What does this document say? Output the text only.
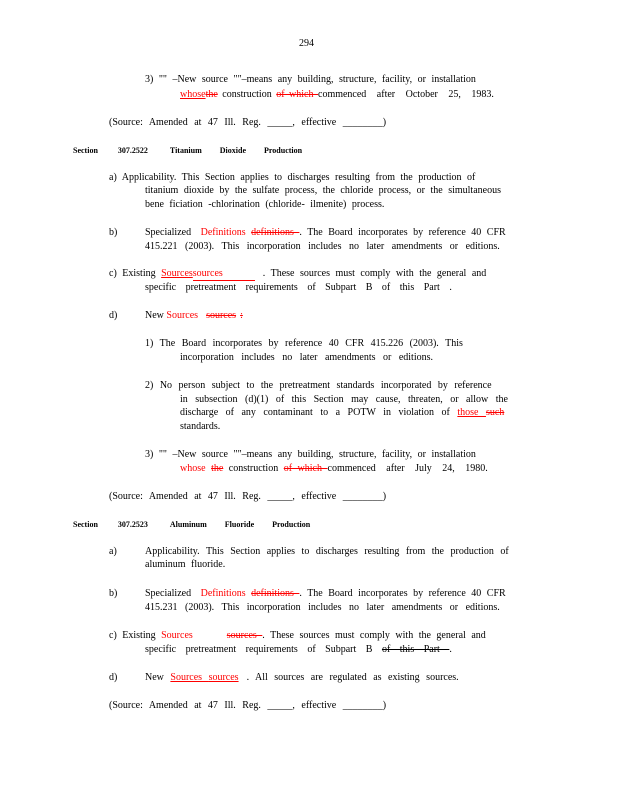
294
3) "" –New source ""–means any building, structure, facility, or installation
whosethe construction of which commenced after October 25, 1983.
(Source: Amended at 47 Ill. Reg. _____, effective ________)
Section	307.2522	Titanium Dioxide Production
a) Applicability. This Section applies to discharges resulting from the production of
titanium dioxide by the sulfate process, the chloride process, or the simultaneous
bene ficiation -chlorination (chloride- ilmenite) process.
b)	Specialized Definitions definitions . The Board incorporates by reference 40 CFR
415.221 (2003). This incorporation includes no later amendments or editions.
c) Existing Sourcessources	. These sources must comply with the general and
specific pretreatment requirements of Subpart B of this Part .
d)	New Sources sources :
1) The Board incorporates by reference 40 CFR 415.226 (2003). This
incorporation includes no later amendments or editions.
2) No person subject to the pretreatment standards incorporated by reference
in subsection (d)(1) of this Section may cause, threaten, or allow the
discharge of any contaminant to a POTW in violation of those such
standards.
3) "" –New source ""–means any building, structure, facility, or installation
whose the construction of which commenced after July 24, 1980.
(Source: Amended at 47 Ill. Reg. _____, effective ________)
Section	307.2523	Aluminum Fluoride Production
a)	Applicability. This Section applies to discharges resulting from the production of
aluminum fluoride.
b)	Specialized Definitions definitions . The Board incorporates by reference 40 CFR
415.231 (2003). This incorporation includes no later amendments or editions.
c) Existing Sources	sources . These sources must comply with the general and
specific pretreatment requirements of Subpart B of this Part .
d)	New Sources sources . All sources are regulated as existing sources.
(Source: Amended at 47 Ill. Reg. _____, effective ________)
